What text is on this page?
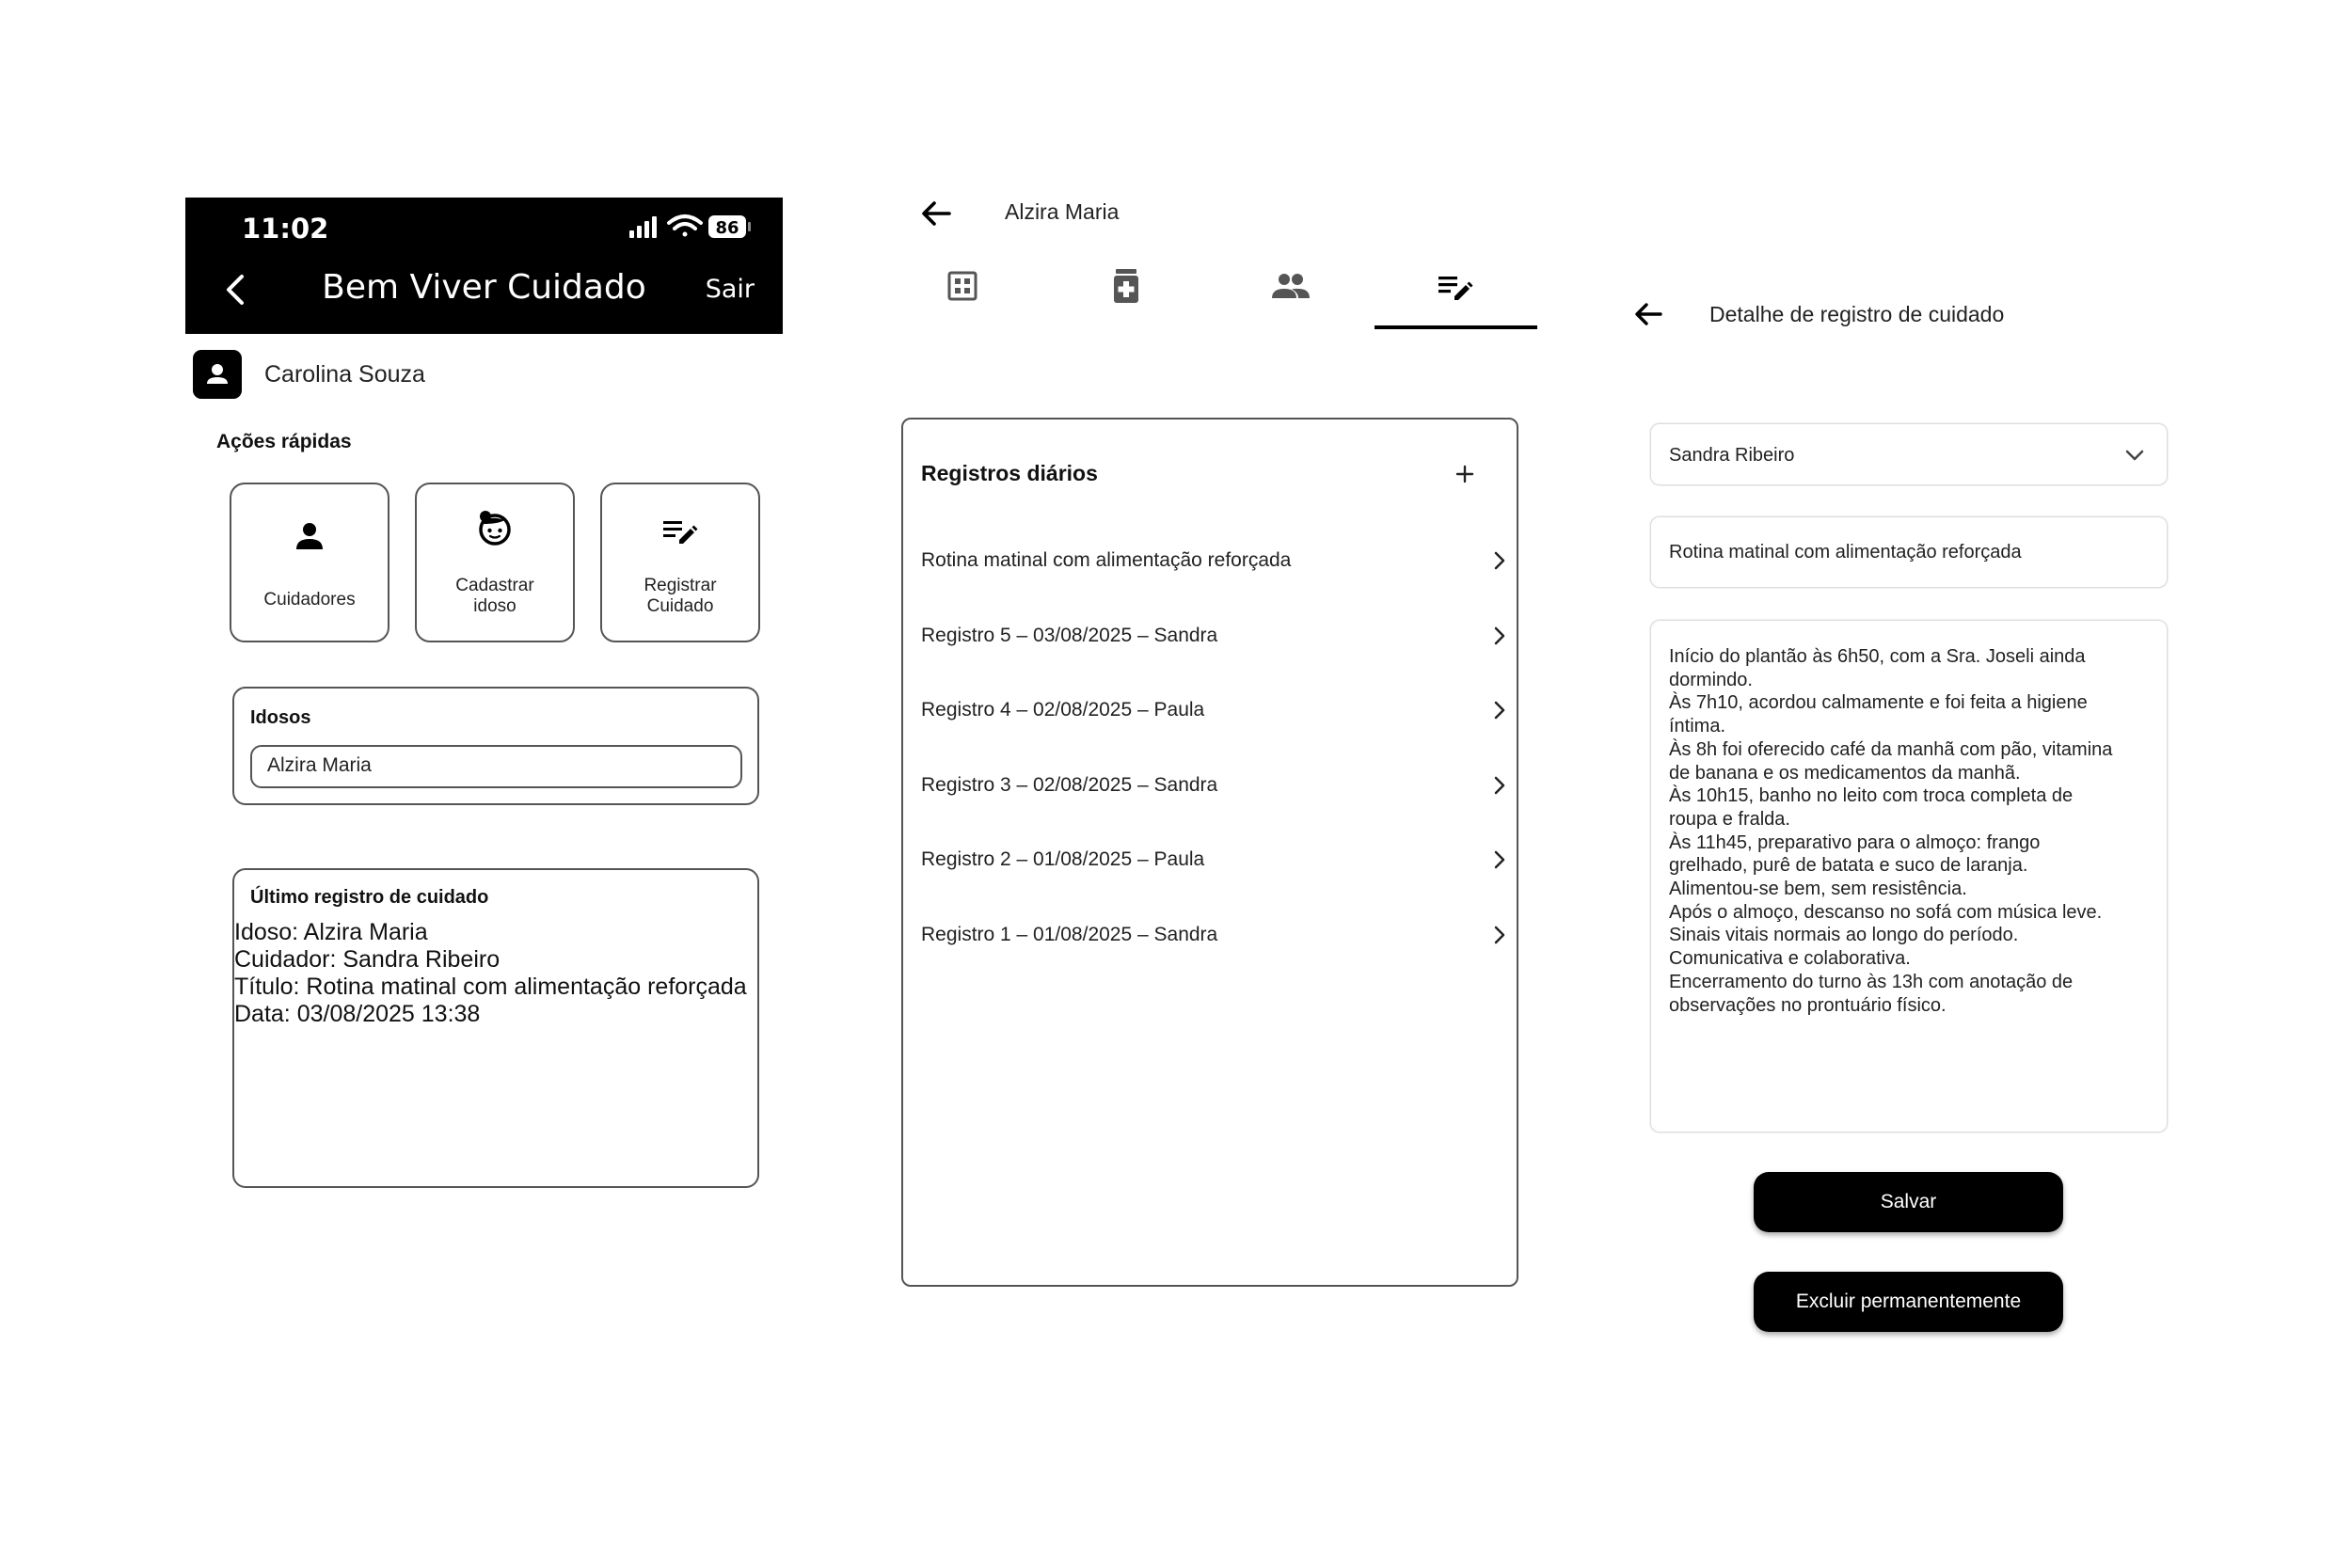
11:02	86
Bem Viver Cuidado	Sair
Carolina Souza
Ações rápidas
Cuidadores
Cadastrar
idoso
Registrar
Cuidado
Idosos
Alzira Maria
Último registro de cuidado
Idoso: Alzira Maria
Cuidador: Sandra Ribeiro
Título: Rotina matinal com alimentação reforçada
Data: 03/08/2025 13:38
Alzira Maria
Registros diários
Rotina matinal com alimentação reforçada
Registro 5 – 03/08/2025 – Sandra
Registro 4 – 02/08/2025 – Paula
Registro 3 – 02/08/2025 – Sandra
Registro 2 – 01/08/2025 – Paula
Registro 1 – 01/08/2025 – Sandra
Detalhe de registro de cuidado
Sandra Ribeiro
Rotina matinal com alimentação reforçada
Início do plantão às 6h50, com a Sra. Joseli ainda
dormindo.
Às 7h10, acordou calmamente e foi feita a higiene
íntima.
Às 8h foi oferecido café da manhã com pão, vitamina
de banana e os medicamentos da manhã.
Às 10h15, banho no leito com troca completa de
roupa e fralda.
Às 11h45, preparativo para o almoço: frango
grelhado, purê de batata e suco de laranja.
Alimentou-se bem, sem resistência.
Após o almoço, descanso no sofá com música leve.
Sinais vitais normais ao longo do período.
Comunicativa e colaborativa.
Encerramento do turno às 13h com anotação de
observações no prontuário físico.
Salvar
Excluir permanentemente
